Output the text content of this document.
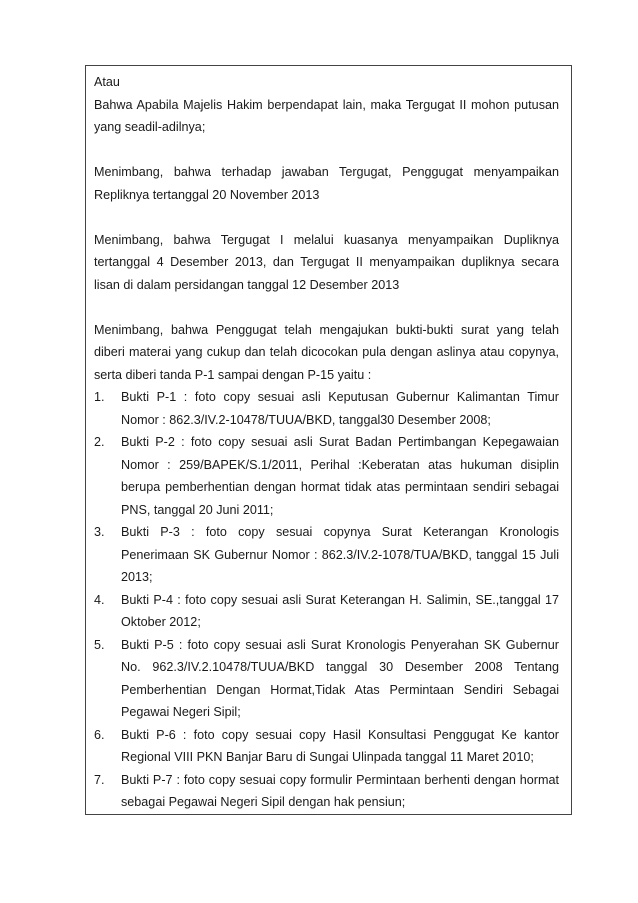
Atau

Bahwa Apabila Majelis Hakim berpendapat lain, maka Tergugat II mohon putusan yang seadil-adilnya;

Menimbang, bahwa terhadap jawaban Tergugat, Penggugat menyampaikan Repliknya tertanggal 20 November 2013

Menimbang, bahwa Tergugat I melalui kuasanya menyampaikan Dupliknya tertanggal 4 Desember 2013, dan Tergugat II menyampaikan dupliknya secara lisan di dalam persidangan tanggal 12 Desember 2013

Menimbang, bahwa Penggugat telah mengajukan bukti-bukti surat yang telah diberi materai yang cukup dan telah dicocokan pula dengan aslinya atau copynya, serta diberi tanda P-1 sampai dengan P-15 yaitu :

1. Bukti P-1 : foto copy sesuai asli Keputusan Gubernur Kalimantan Timur Nomor : 862.3/IV.2-10478/TUUA/BKD, tanggal30 Desember 2008;
2. Bukti P-2 : foto copy sesuai asli Surat Badan Pertimbangan Kepegawaian Nomor : 259/BAPEK/S.1/2011, Perihal :Keberatan atas hukuman disiplin berupa pemberhentian dengan hormat tidak atas permintaan sendiri sebagai PNS, tanggal 20 Juni 2011;
3. Bukti P-3 : foto copy sesuai copynya Surat Keterangan Kronologis Penerimaan SK Gubernur Nomor : 862.3/IV.2-1078/TUA/BKD, tanggal 15 Juli 2013;
4. Bukti P-4 : foto copy sesuai asli Surat Keterangan H. Salimin, SE.,tanggal 17 Oktober 2012;
5. Bukti P-5 : foto copy sesuai asli Surat Kronologis Penyerahan SK Gubernur No. 962.3/IV.2.10478/TUUA/BKD tanggal 30 Desember 2008 Tentang Pemberhentian Dengan Hormat,Tidak Atas Permintaan Sendiri Sebagai Pegawai Negeri Sipil;
6. Bukti P-6 : foto copy sesuai copy Hasil Konsultasi Penggugat Ke kantor Regional VIII PKN Banjar Baru di Sungai Ulinpada tanggal 11 Maret 2010;
7. Bukti P-7 : foto copy sesuai copy formulir Permintaan berhenti dengan hormat sebagai Pegawai Negeri Sipil dengan hak pensiun;
